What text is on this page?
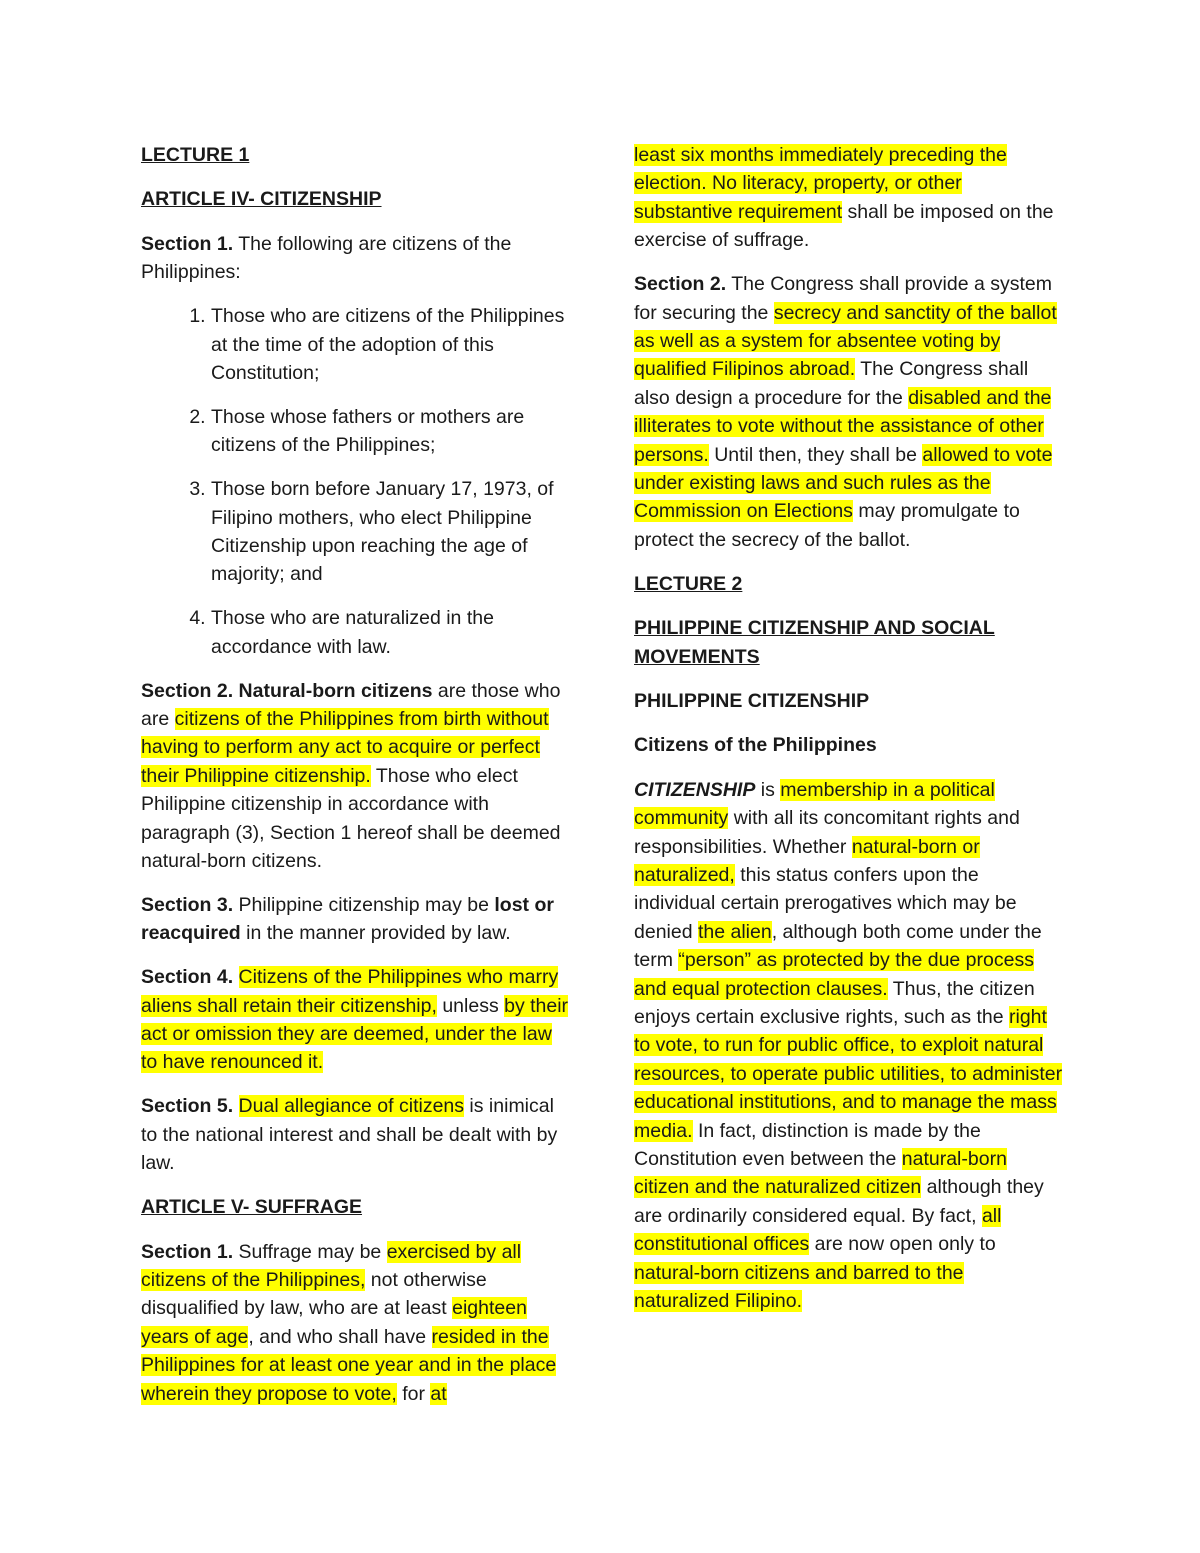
LECTURE 1

ARTICLE IV- CITIZENSHIP

Section 1. The following are citizens of the Philippines:

1. Those who are citizens of the Philippines at the time of the adoption of this Constitution;
2. Those whose fathers or mothers are citizens of the Philippines;
3. Those born before January 17, 1973, of Filipino mothers, who elect Philippine Citizenship upon reaching the age of majority; and
4. Those who are naturalized in the accordance with law.

Section 2. Natural-born citizens are those who are citizens of the Philippines from birth without having to perform any act to acquire or perfect their Philippine citizenship. Those who elect Philippine citizenship in accordance with paragraph (3), Section 1 hereof shall be deemed natural-born citizens.

Section 3. Philippine citizenship may be lost or reacquired in the manner provided by law.

Section 4. Citizens of the Philippines who marry aliens shall retain their citizenship, unless by their act or omission they are deemed, under the law to have renounced it.

Section 5. Dual allegiance of citizens is inimical to the national interest and shall be dealt with by law.

ARTICLE V- SUFFRAGE

Section 1. Suffrage may be exercised by all citizens of the Philippines, not otherwise disqualified by law, who are at least eighteen years of age, and who shall have resided in the Philippines for at least one year and in the place wherein they propose to vote, for at

least six months immediately preceding the election. No literacy, property, or other substantive requirement shall be imposed on the exercise of suffrage.

Section 2. The Congress shall provide a system for securing the secrecy and sanctity of the ballot as well as a system for absentee voting by qualified Filipinos abroad. The Congress shall also design a procedure for the disabled and the illiterates to vote without the assistance of other persons. Until then, they shall be allowed to vote under existing laws and such rules as the Commission on Elections may promulgate to protect the secrecy of the ballot.

LECTURE 2

PHILIPPINE CITIZENSHIP AND SOCIAL MOVEMENTS

PHILIPPINE CITIZENSHIP

Citizens of the Philippines

CITIZENSHIP is membership in a political community with all its concomitant rights and responsibilities. Whether natural-born or naturalized, this status confers upon the individual certain prerogatives which may be denied the alien, although both come under the term “person” as protected by the due process and equal protection clauses. Thus, the citizen enjoys certain exclusive rights, such as the right to vote, to run for public office, to exploit natural resources, to operate public utilities, to administer educational institutions, and to manage the mass media. In fact, distinction is made by the Constitution even between the natural-born citizen and the naturalized citizen although they are ordinarily considered equal. By fact, all constitutional offices are now open only to natural-born citizens and barred to the naturalized Filipino.
